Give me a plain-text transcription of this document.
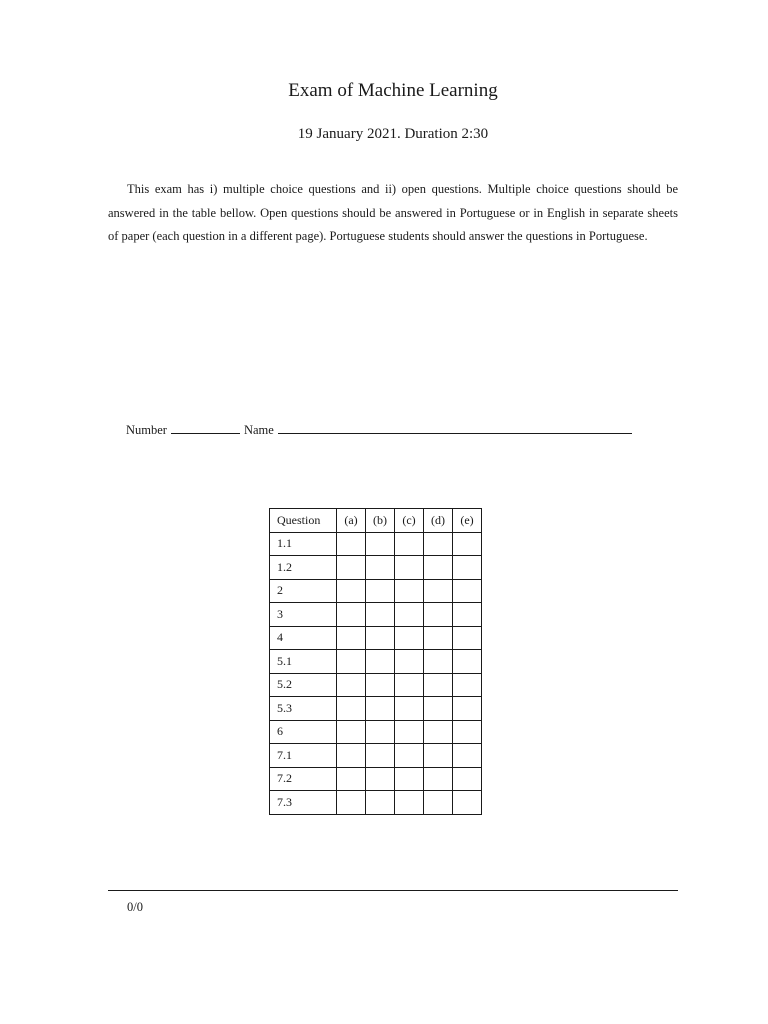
Exam of Machine Learning
19 January 2021. Duration 2:30

This exam has i) multiple choice questions and ii) open questions. Multiple choice questions should be answered in the table bellow. Open questions should be answered in Portuguese or in English in separate sheets of paper (each question in a different page). Portuguese students should answer the questions in Portuguese.

Number	Name
Question	(a)	(b)	(c)	(d)	(e)
1.1					
1.2					
2					
3					
4					
5.1					
5.2					
5.3					
6					
7.1					
7.2					
7.3					
0/0
